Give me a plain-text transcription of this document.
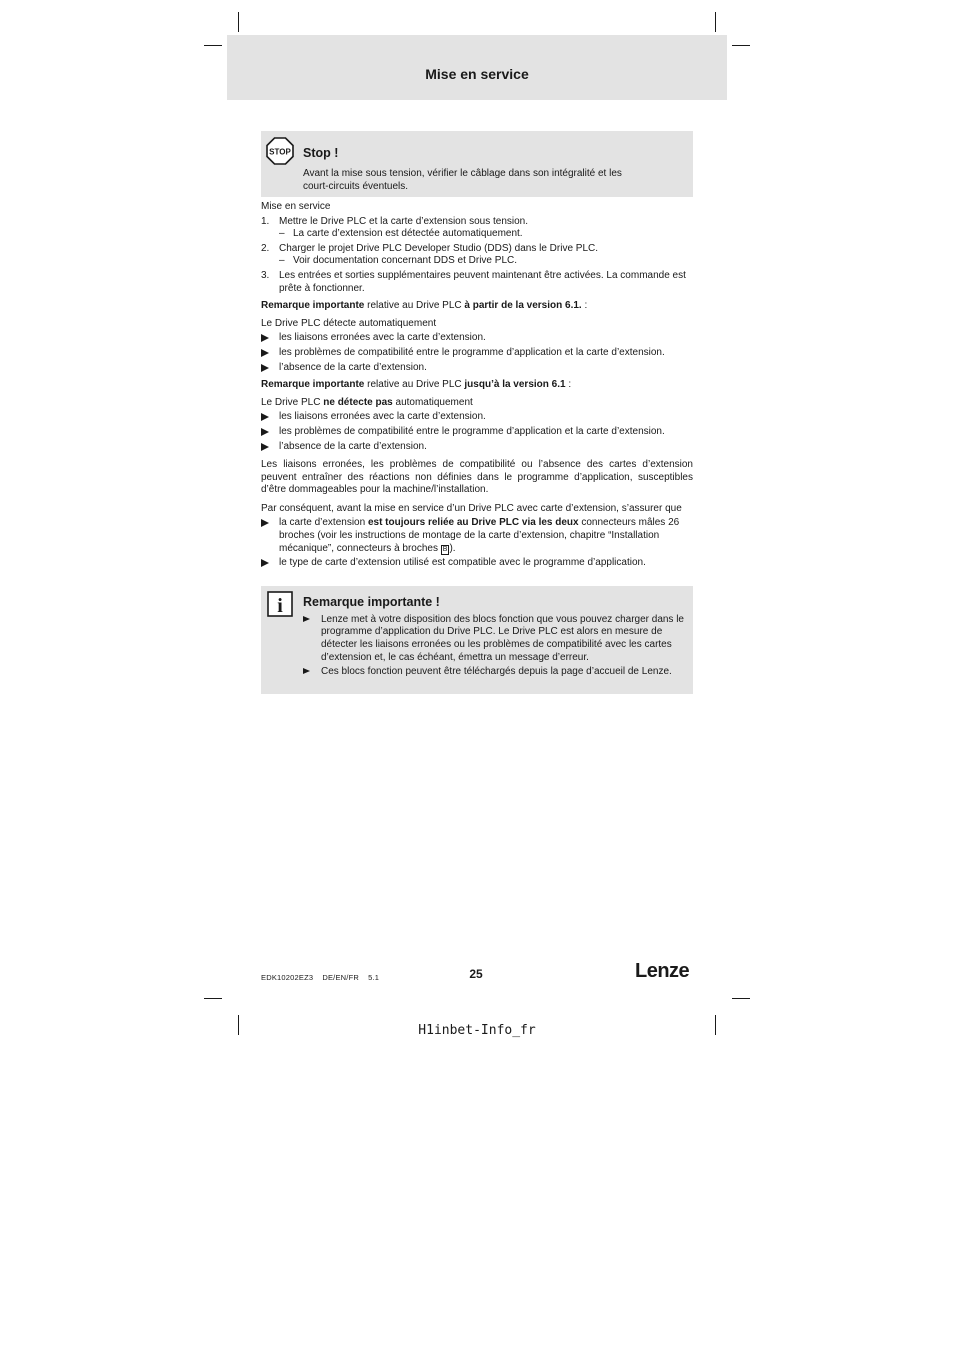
Mise en service
STOP Stop !
Avant la mise sous tension, vérifier le câblage dans son intégralité et les
court-circuits éventuels.

Mise en service

1. Mettre le Drive PLC et la carte d’extension sous tension.
– La carte d’extension est détectée automatiquement.
2. Charger le projet Drive PLC Developer Studio (DDS) dans le Drive PLC.
– Voir documentation concernant DDS et Drive PLC.
3. Les entrées et sorties supplémentaires peuvent maintenant être activées. La commande est prête à fonctionner.

Remarque importante relative au Drive PLC à partir de la version 6.1. :

Le Drive PLC détecte automatiquement

les liaisons erronées avec la carte d’extension.
les problèmes de compatibilité entre le programme d’application et la carte d’extension.
l’absence de la carte d’extension.

Remarque importante relative au Drive PLC jusqu’à la version 6.1 :

Le Drive PLC ne détecte pas automatiquement

les liaisons erronées avec la carte d’extension.
les problèmes de compatibilité entre le programme d’application et la carte d’extension.
l’absence de la carte d’extension.

Les liaisons erronées, les problèmes de compatibilité ou l’absence des cartes d’extension peuvent entraîner des réactions non définies dans le programme d’application, susceptibles d’être dommageables pour la machine/l’installation.

Par conséquent, avant la mise en service d’un Drive PLC avec carte d’extension, s’assurer que

la carte d’extension est toujours reliée au Drive PLC via les deux connecteurs mâles 26 broches (voir les instructions de montage de la carte d’extension, chapitre “Installation mécanique”, connecteurs à broches B ).
le type de carte d’extension utilisé est compatible avec le programme d’application.
i Remarque importante !
Lenze met à votre disposition des blocs fonction que vous pouvez charger dans le programme d’application du Drive PLC. Le Drive PLC est alors en mesure de détecter les liaisons erronées ou les problèmes de compatibilité avec les cartes d’extension et, le cas échéant, émettra un message d’erreur.
Ces blocs fonction peuvent être téléchargés depuis la page d’accueil de Lenze.
EDK10202EZ3    DE/EN/FR    5.1	25	Lenze
H1inbet-Info_fr
